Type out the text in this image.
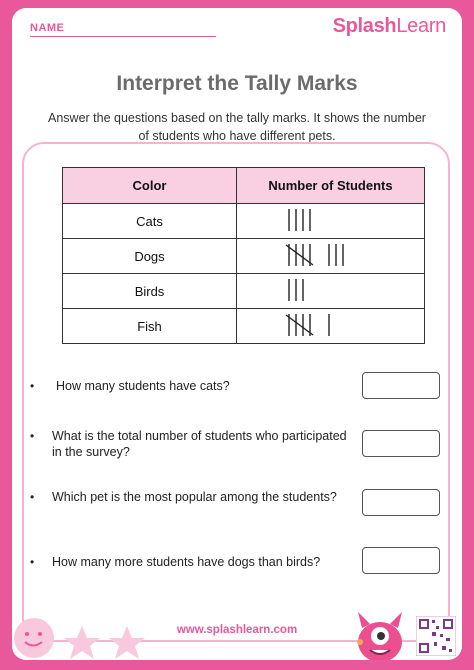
NAME	SplashLearn
Interpret the Tally Marks
Answer the questions based on the tally marks. It shows the number of students who have different pets.
Color	Number of Students
Cats	
Dogs	
Birds	
Fish	
• How many students have cats?
• What is the total number of students who participated in the survey?
• Which pet is the most popular among the students?
• How many more students have dogs than birds?
www.splashlearn.com
